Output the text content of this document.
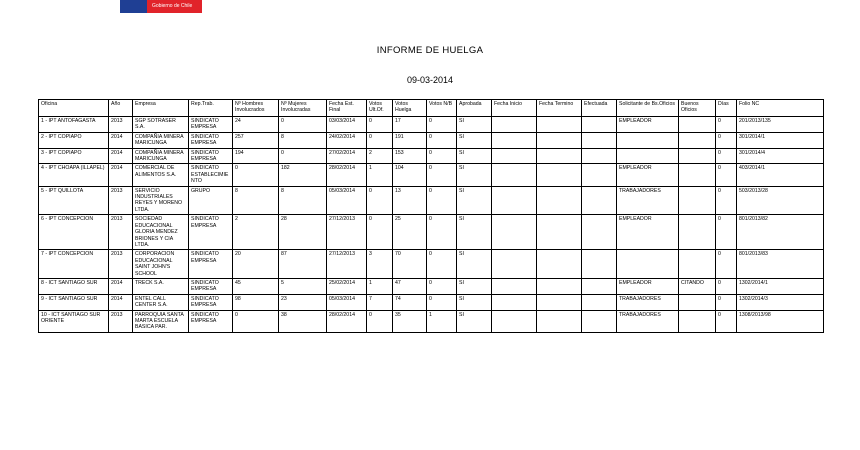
Gobierno de Chile
INFORME DE HUELGA
09-03-2014
Oficina	Año	Empresa	Rep.Trab.	Nº Hombres Involucrados	Nº Mujeres Involucradas	Fecha Est. Final	Votos Ult.Of.	Votos Huelga	Votos N/B	Aprobada	Fecha Inicio	Fecha Termino	Efectuada	Solicitante de Bs.Oficios	Buenos Oficios	Días	Folio NC
1 - IPT ANTOFAGASTA	2013	SGP SOTRASER S.A.	SINDICATO EMPRESA	24	0	03/03/2014	0	17	0	SI				EMPLEADOR		0	201/2013/135
2 - IPT COPIAPO	2014	COMPAÑIA MINERA MARICUNGA	SINDICATO EMPRESA	257	8	24/02/2014	0	191	0	SI						0	301/2014/1
3 - IPT COPIAPO	2014	COMPAÑIA MINERA MARICUNGA	SINDICATO EMPRESA	194	0	27/02/2014	2	153	0	SI						0	301/2014/4
4 - IPT CHOAPA (ILLAPEL)	2014	COMERCIAL DE ALIMENTOS S.A.	SINDICATO ESTABLECIMIENTO	0	182	28/02/2014	1	104	0	SI				EMPLEADOR		0	403/2014/1
5 - IPT QUILLOTA	2013	SERVICIO INDUSTRIALES REYES Y MORENO LTDA.	GRUPO	8	8	05/03/2014	0	13	0	SI				TRABAJADORES		0	503/2013/28
6 - IPT CONCEPCION	2013	SOCIEDAD EDUCACIONAL GLORIA MENDEZ BRIONES Y CIA LTDA.	SINDICATO EMPRESA	2	28	27/12/2013	0	25	0	SI				EMPLEADOR		0	801/2013/82
7 - IPT CONCEPCION	2013	CORPORACION EDUCACIONAL SAINT JOHN'S SCHOOL	SINDICATO EMPRESA	20	87	27/12/2013	3	70	0	SI						0	801/2013/83
8 - ICT SANTIAGO SUR	2014	TRECK S.A.	SINDICATO EMPRESA	45	5	25/02/2014	1	47	0	SI				EMPLEADOR	CITANDO	0	1302/2014/1
9 - ICT SANTIAGO SUR	2014	ENTEL CALL CENTER S.A.	SINDICATO EMPRESA	98	23	05/03/2014	7	74	0	SI				TRABAJADORES		0	1302/2014/3
10 - ICT SANTIAGO SUR ORIENTE	2013	PARROQUIA SANTA MARTA ESCUELA BASICA PAR.	SINDICATO EMPRESA	0	38	28/02/2014	0	35	1	SI				TRABAJADORES		0	1308/2013/98
